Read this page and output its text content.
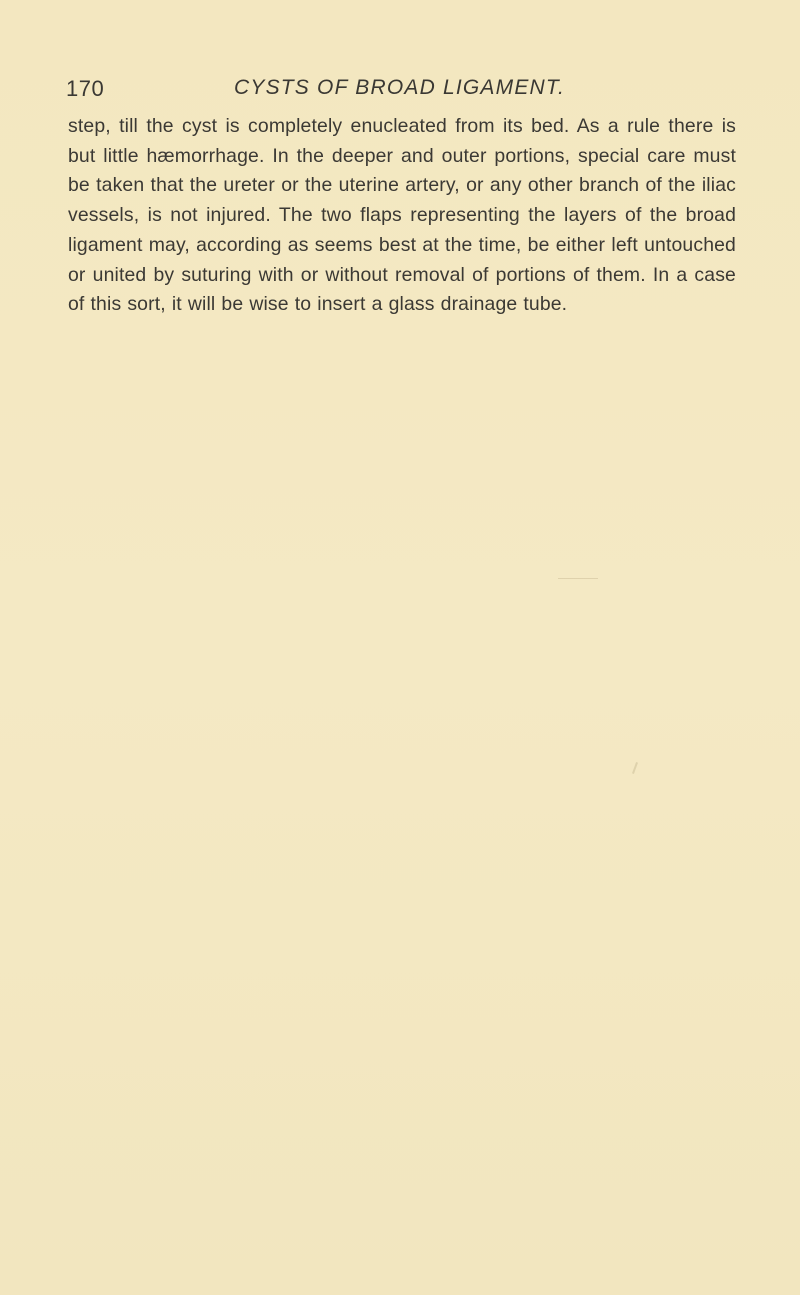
170	CYSTS OF BROAD LIGAMENT.

step, till the cyst is completely enucleated from its bed. As a rule there is but little hæmorrhage. In the deeper and outer portions, special care must be taken that the ureter or the uterine artery, or any other branch of the iliac vessels, is not injured. The two flaps representing the layers of the broad ligament may, according as seems best at the time, be either left untouched or united by suturing with or without removal of portions of them. In a case of this sort, it will be wise to insert a glass drainage tube.
